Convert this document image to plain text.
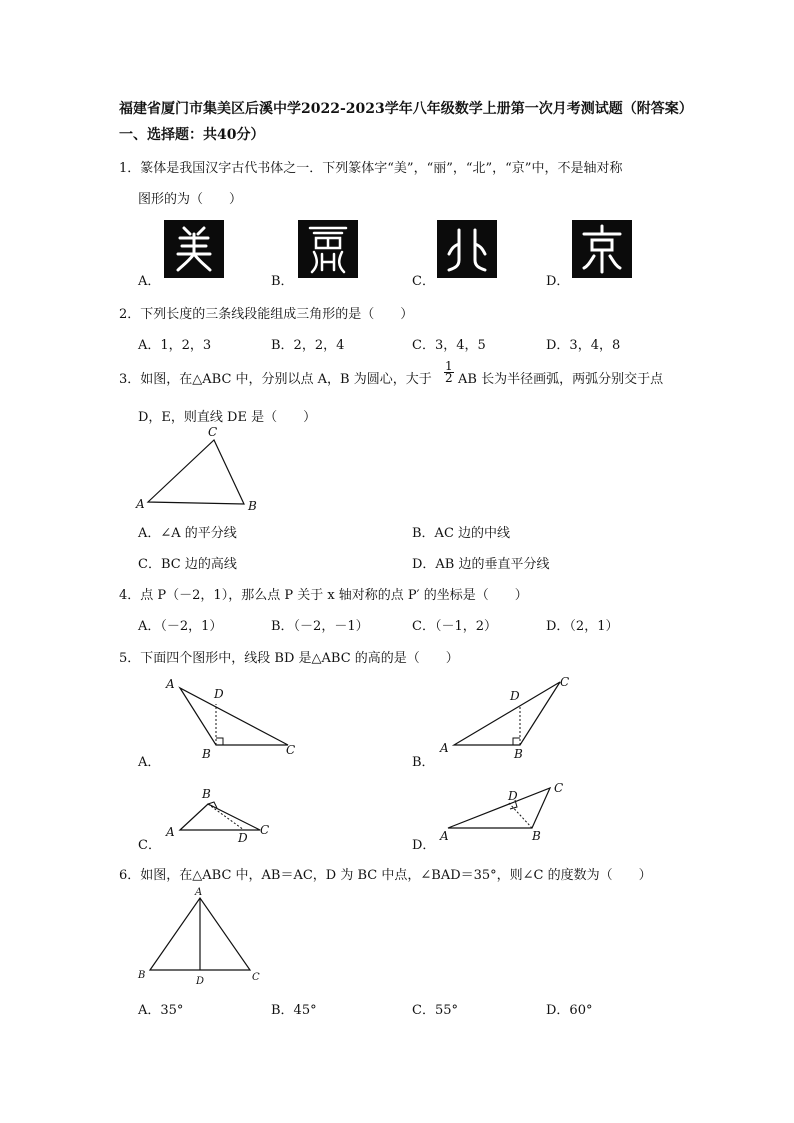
福建省厦门市集美区后溪中学2022-2023学年八年级数学上册第一次月考测试题（附答案）
一、选择题：共40分）
1．篆体是我国汉字古代书体之一．下列篆体字“美”，“丽”，“北”，“京”中，不是轴对称
图形的为（　　）
A．	B．	C．	D．
2．下列长度的三条线段能组成三角形的是（　　）
A．1，2，3	B．2，2，4	C．3，4，5	D．3，4，8
3．如图，在△ABC 中，分别以点 A，B 为圆心，大于 $\frac{1}{2}$ AB 长为半径画弧，两弧分别交于点
D，E，则直线 DE 是（　　）
C
A	B
A．∠A 的平分线	B．AC 边的中线
C．BC 边的高线	D．AB 边的垂直平分线
4．点 P（－2，1），那么点 P 关于 x 轴对称的点 P′ 的坐标是（　　）
A．（－2，1）	B．（－2，－1）	C．（－1，2）	D．（2，1）
5．下面四个图形中，线段 BD 是△ABC 的高的是（　　）
A
D
B	C
A．
A
D
B
C
B．
B
A	D
C
C．
A
D
B
C
D．
6．如图，在△ABC 中，AB＝AC，D 为 BC 中点，∠BAD＝35°，则∠C 的度数为（　　）
A
B
D	C
A．35°	B．45°	C．55°	D．60°
